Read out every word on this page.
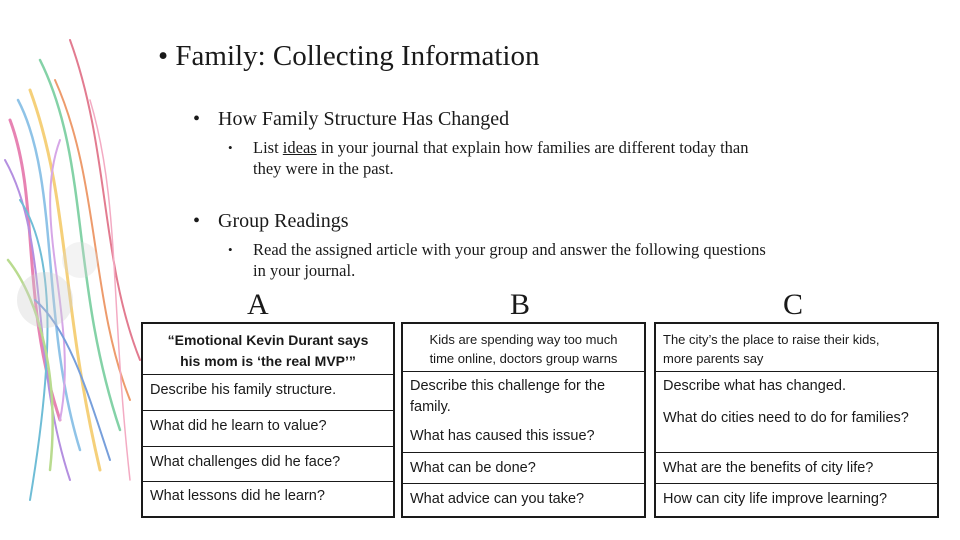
• Family: Collecting Information
• How Family Structure Has Changed
• List ideas in your journal that explain how families are different today than
they were in the past.
• Group Readings
• Read the assigned article with your group and answer the following questions
in your journal.
A	B	C
“Emotional Kevin Durant says
his mom is ‘the real MVP’”
Describe his family structure.
What did he learn to value?
What challenges did he face?
What lessons did he learn?
Kids are spending way too much
time online, doctors group warns
Describe this challenge for the family.
What has caused this issue?
What can be done?
What advice can you take?
The city’s the place to raise their kids,
more parents say
Describe what has changed.
What do cities need to do for families?
What are the benefits of city life?
How can city life improve learning?
